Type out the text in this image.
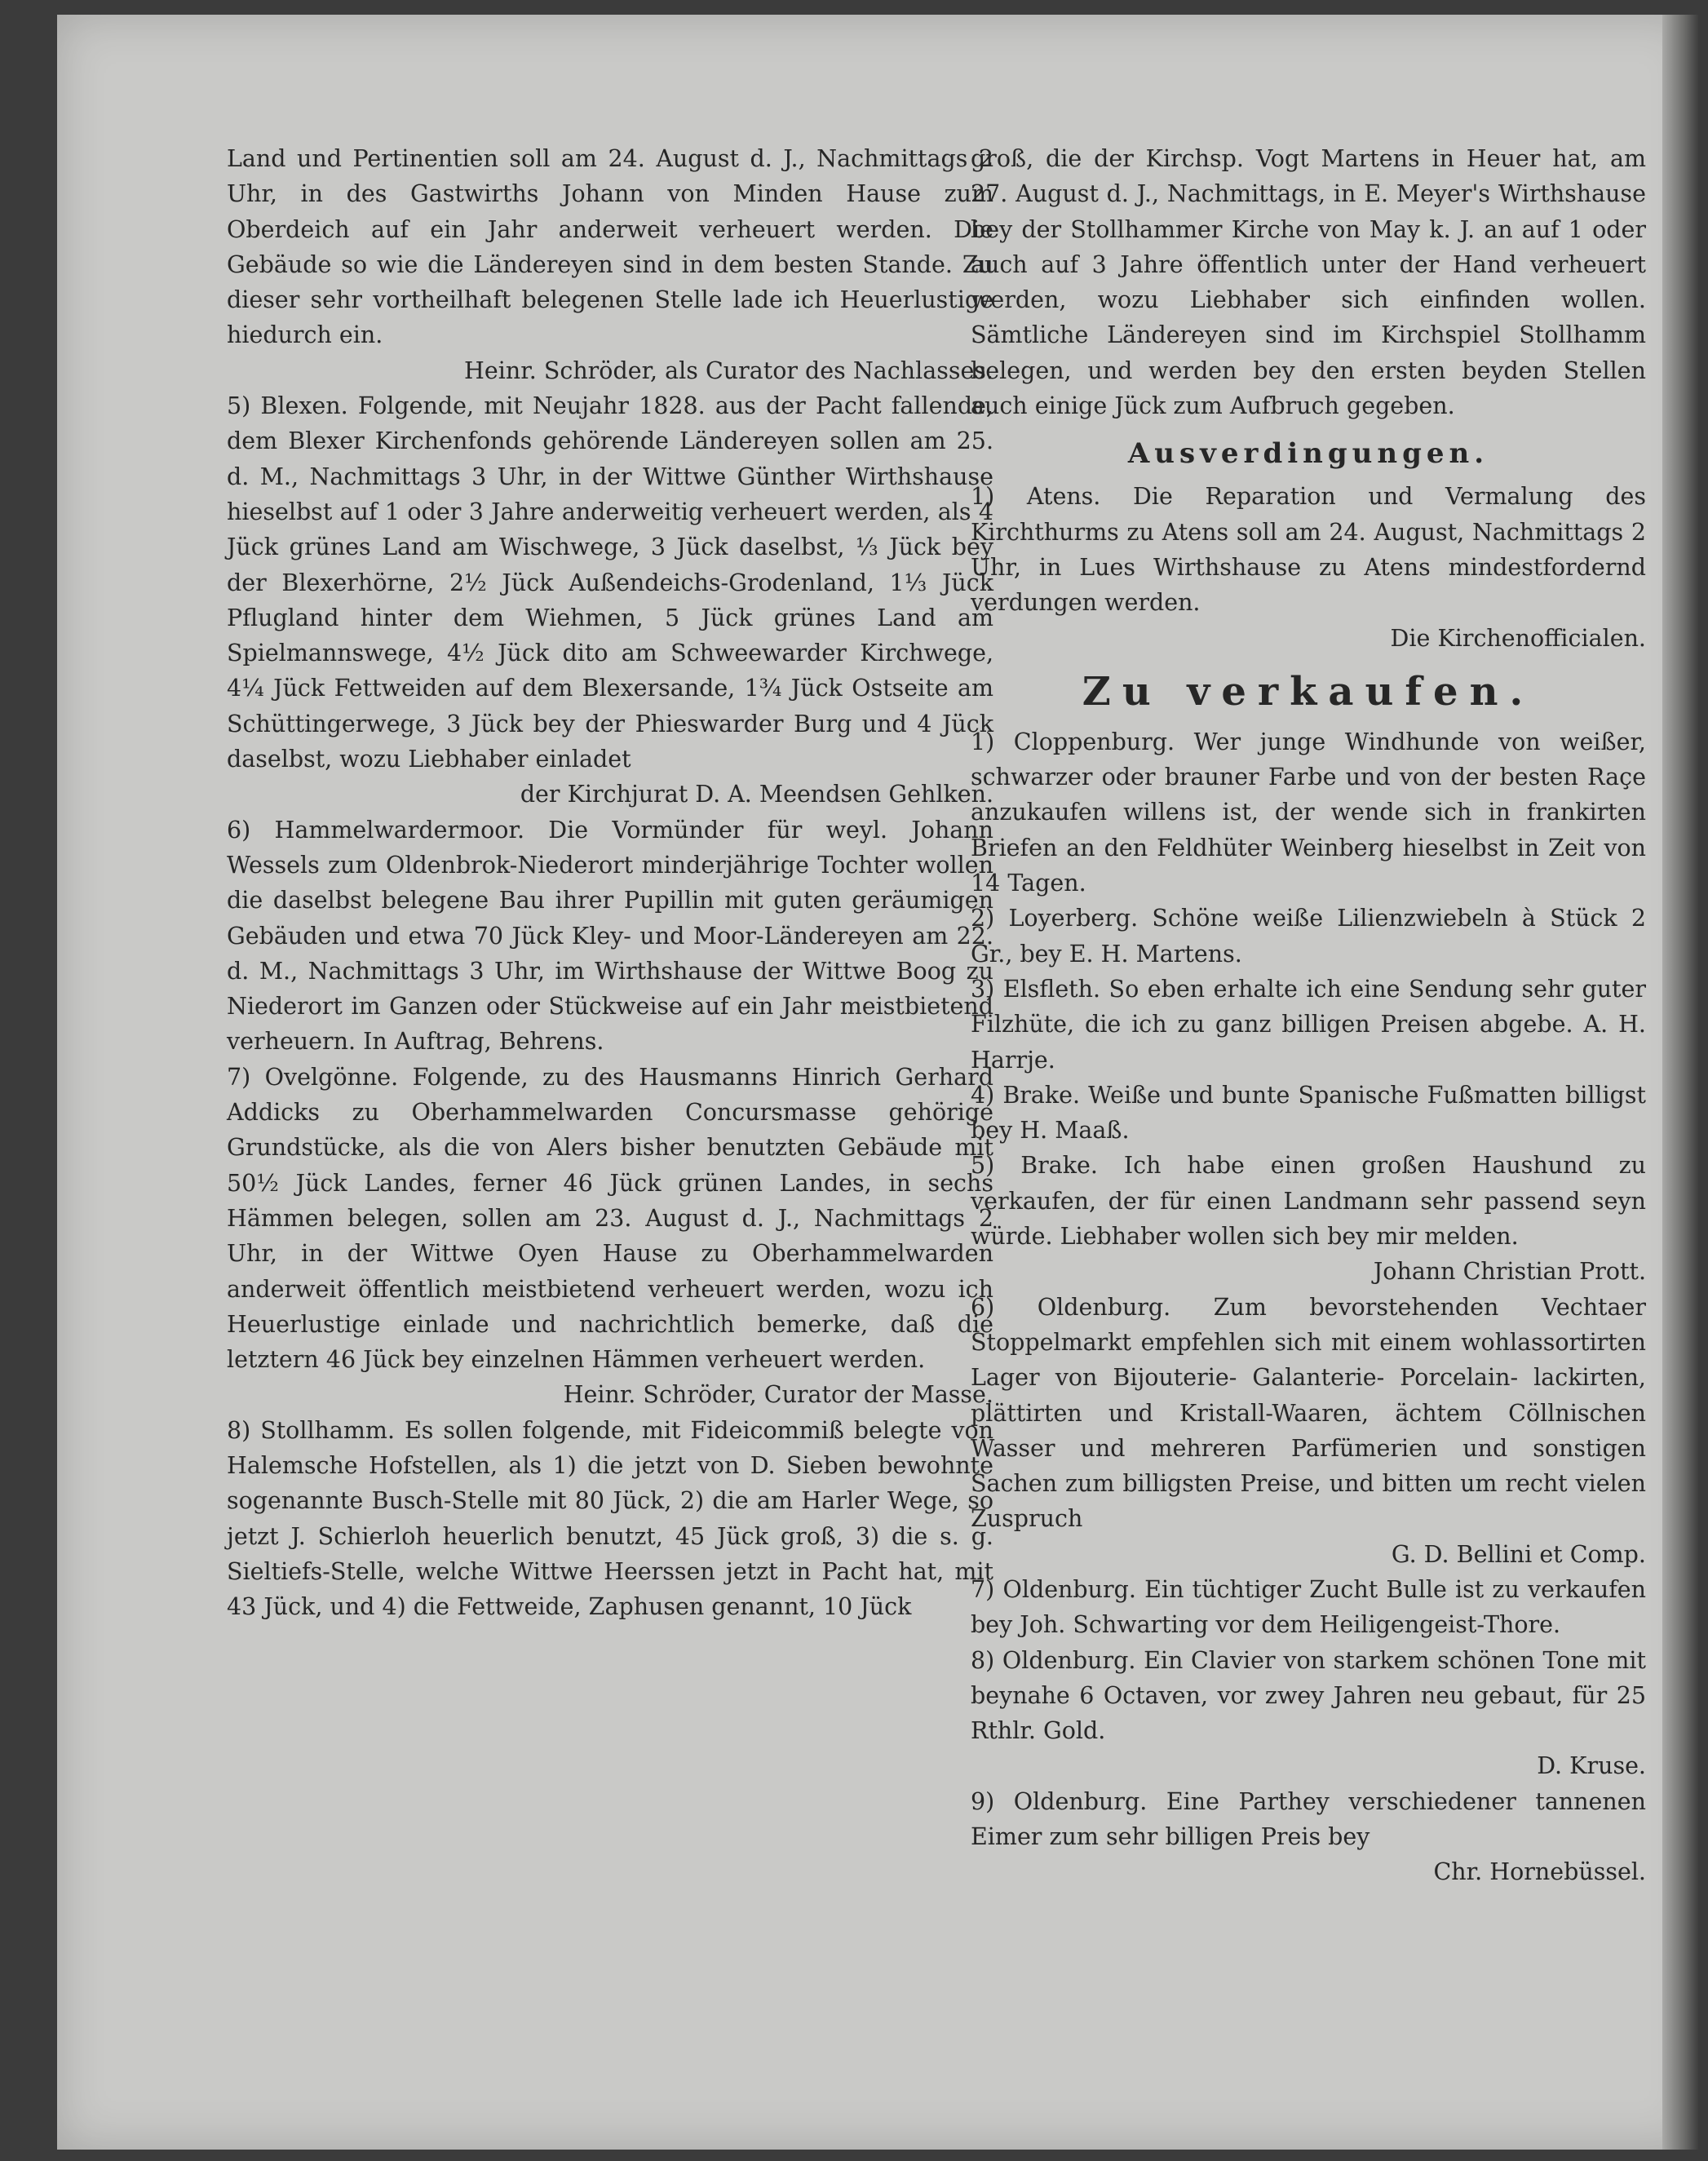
Land und Pertinentien soll am 24. August d. J., Nachmittags 2 Uhr, in des Gastwirths Johann von Minden Hause zum Oberdeich auf ein Jahr anderweit verheuert werden. Die Gebäude so wie die Ländereyen sind in dem besten Stande. Zu dieser sehr vortheilhaft belegenen Stelle lade ich Heuerlustige hiedurch ein.

Heinr. Schröder, als Curator des Nachlasses.

5) Blexen. Folgende, mit Neujahr 1828. aus der Pacht fallende, dem Blexer Kirchenfonds gehörende Ländereyen sollen am 25. d. M., Nachmittags 3 Uhr, in der Wittwe Günther Wirthshause hieselbst auf 1 oder 3 Jahre anderweitig verheuert werden, als 4 Jück grünes Land am Wischwege, 3 Jück daselbst, ⅓ Jück bey der Blexerhörne, 2½ Jück Außendeichs-Grodenland, 1⅓ Jück Pflugland hinter dem Wiehmen, 5 Jück grünes Land am Spielmannswege, 4½ Jück dito am Schweewarder Kirchwege, 4¼ Jück Fettweiden auf dem Blexersande, 1¾ Jück Ostseite am Schüttingerwege, 3 Jück bey der Phieswarder Burg und 4 Jück daselbst, wozu Liebhaber einladet

der Kirchjurat D. A. Meendsen Gehlken.

6) Hammelwardermoor. Die Vormünder für weyl. Johann Wessels zum Oldenbrok-Niederort minderjährige Tochter wollen die daselbst belegene Bau ihrer Pupillin mit guten geräumigen Gebäuden und etwa 70 Jück Kley- und Moor-Ländereyen am 22. d. M., Nachmittags 3 Uhr, im Wirthshause der Wittwe Boog zu Niederort im Ganzen oder Stückweise auf ein Jahr meistbietend verheuern. In Auftrag, Behrens.

7) Ovelgönne. Folgende, zu des Hausmanns Hinrich Gerhard Addicks zu Oberhammelwarden Concursmasse gehörige Grundstücke, als die von Alers bisher benutzten Gebäude mit 50½ Jück Landes, ferner 46 Jück grünen Landes, in sechs Hämmen belegen, sollen am 23. August d. J., Nachmittags 2 Uhr, in der Wittwe Oyen Hause zu Oberhammelwarden anderweit öffentlich meistbietend verheuert werden, wozu ich Heuerlustige einlade und nachrichtlich bemerke, daß die letztern 46 Jück bey einzelnen Hämmen verheuert werden.

Heinr. Schröder, Curator der Masse.

8) Stollhamm. Es sollen folgende, mit Fideicommiß belegte von Halemsche Hofstellen, als 1) die jetzt von D. Sieben bewohnte sogenannte Busch-Stelle mit 80 Jück, 2) die am Harler Wege, so jetzt J. Schierloh heuerlich benutzt, 45 Jück groß, 3) die s. g. Sieltiefs-Stelle, welche Wittwe Heerssen jetzt in Pacht hat, mit 43 Jück, und 4) die Fettweide, Zaphusen genannt, 10 Jück

groß, die der Kirchsp. Vogt Martens in Heuer hat, am 27. August d. J., Nachmittags, in E. Meyer's Wirthshause bey der Stollhammer Kirche von May k. J. an auf 1 oder auch auf 3 Jahre öffentlich unter der Hand verheuert werden, wozu Liebhaber sich einfinden wollen. Sämtliche Ländereyen sind im Kirchspiel Stollhamm belegen, und werden bey den ersten beyden Stellen auch einige Jück zum Aufbruch gegeben.

Ausverdingungen.

1) Atens. Die Reparation und Vermalung des Kirchthurms zu Atens soll am 24. August, Nachmittags 2 Uhr, in Lues Wirthshause zu Atens mindestfordernd verdungen werden.

Die Kirchenofficialen.

Zu verkaufen.

1) Cloppenburg. Wer junge Windhunde von weißer, schwarzer oder brauner Farbe und von der besten Raçe anzukaufen willens ist, der wende sich in frankirten Briefen an den Feldhüter Weinberg hieselbst in Zeit von 14 Tagen.

2) Loyerberg. Schöne weiße Lilienzwiebeln à Stück 2 Gr., bey E. H. Martens.

3) Elsfleth. So eben erhalte ich eine Sendung sehr guter Filzhüte, die ich zu ganz billigen Preisen abgebe. A. H. Harrje.

4) Brake. Weiße und bunte Spanische Fußmatten billigst bey H. Maaß.

5) Brake. Ich habe einen großen Haushund zu verkaufen, der für einen Landmann sehr passend seyn würde. Liebhaber wollen sich bey mir melden.

Johann Christian Prott.

6) Oldenburg. Zum bevorstehenden Vechtaer Stoppelmarkt empfehlen sich mit einem wohlassortirten Lager von Bijouterie- Galanterie- Porcelain- lackirten, plättirten und Kristall-Waaren, ächtem Cöllnischen Wasser und mehreren Parfümerien und sonstigen Sachen zum billigsten Preise, und bitten um recht vielen Zuspruch

G. D. Bellini et Comp.

7) Oldenburg. Ein tüchtiger Zucht Bulle ist zu verkaufen bey Joh. Schwarting vor dem Heiligengeist-Thore.

8) Oldenburg. Ein Clavier von starkem schönen Tone mit beynahe 6 Octaven, vor zwey Jahren neu gebaut, für 25 Rthlr. Gold.

D. Kruse.

9) Oldenburg. Eine Parthey verschiedener tannenen Eimer zum sehr billigen Preis bey

Chr. Hornebüssel.
